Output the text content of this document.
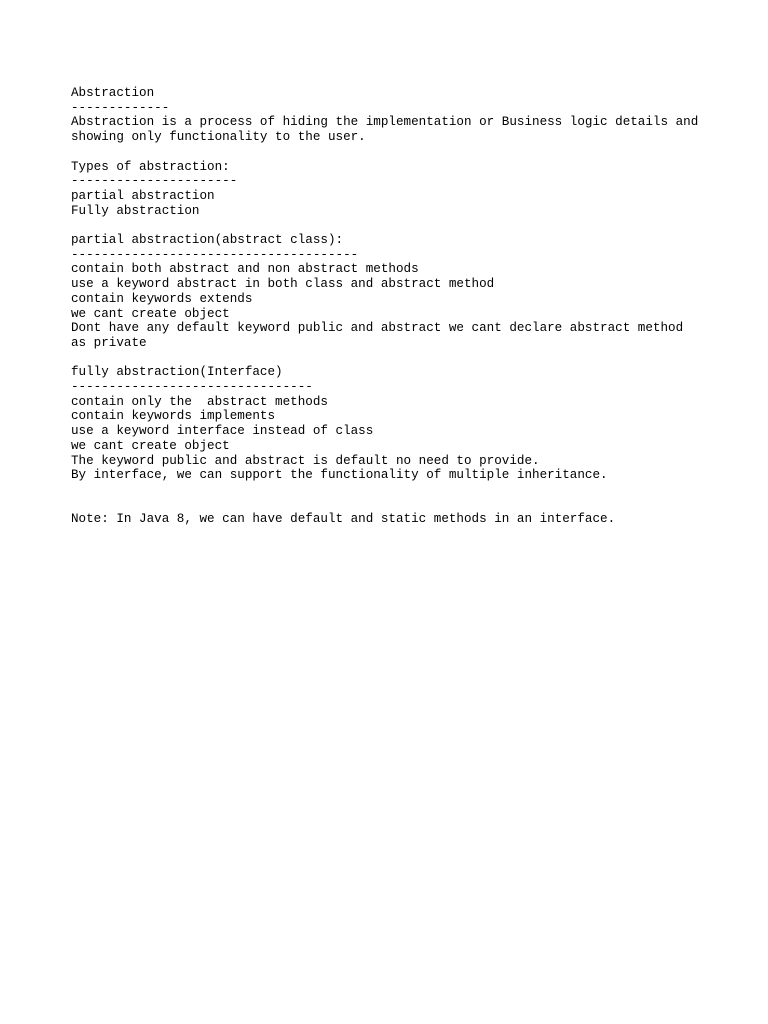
Abstraction

-------------

Abstraction is a process of hiding the implementation or Business logic details and

showing only functionality to the user.

Types of abstraction:

----------------------

partial abstraction

Fully abstraction

partial abstraction(abstract class):

--------------------------------------

contain both abstract and non abstract methods

use a keyword abstract in both class and abstract method

contain keywords extends

we cant create object

Dont have any default keyword public and abstract we cant declare abstract method

as private

fully abstraction(Interface)

--------------------------------

contain only the  abstract methods

contain keywords implements

use a keyword interface instead of class

we cant create object

The keyword public and abstract is default no need to provide.

By interface, we can support the functionality of multiple inheritance.

Note: In Java 8, we can have default and static methods in an interface.
